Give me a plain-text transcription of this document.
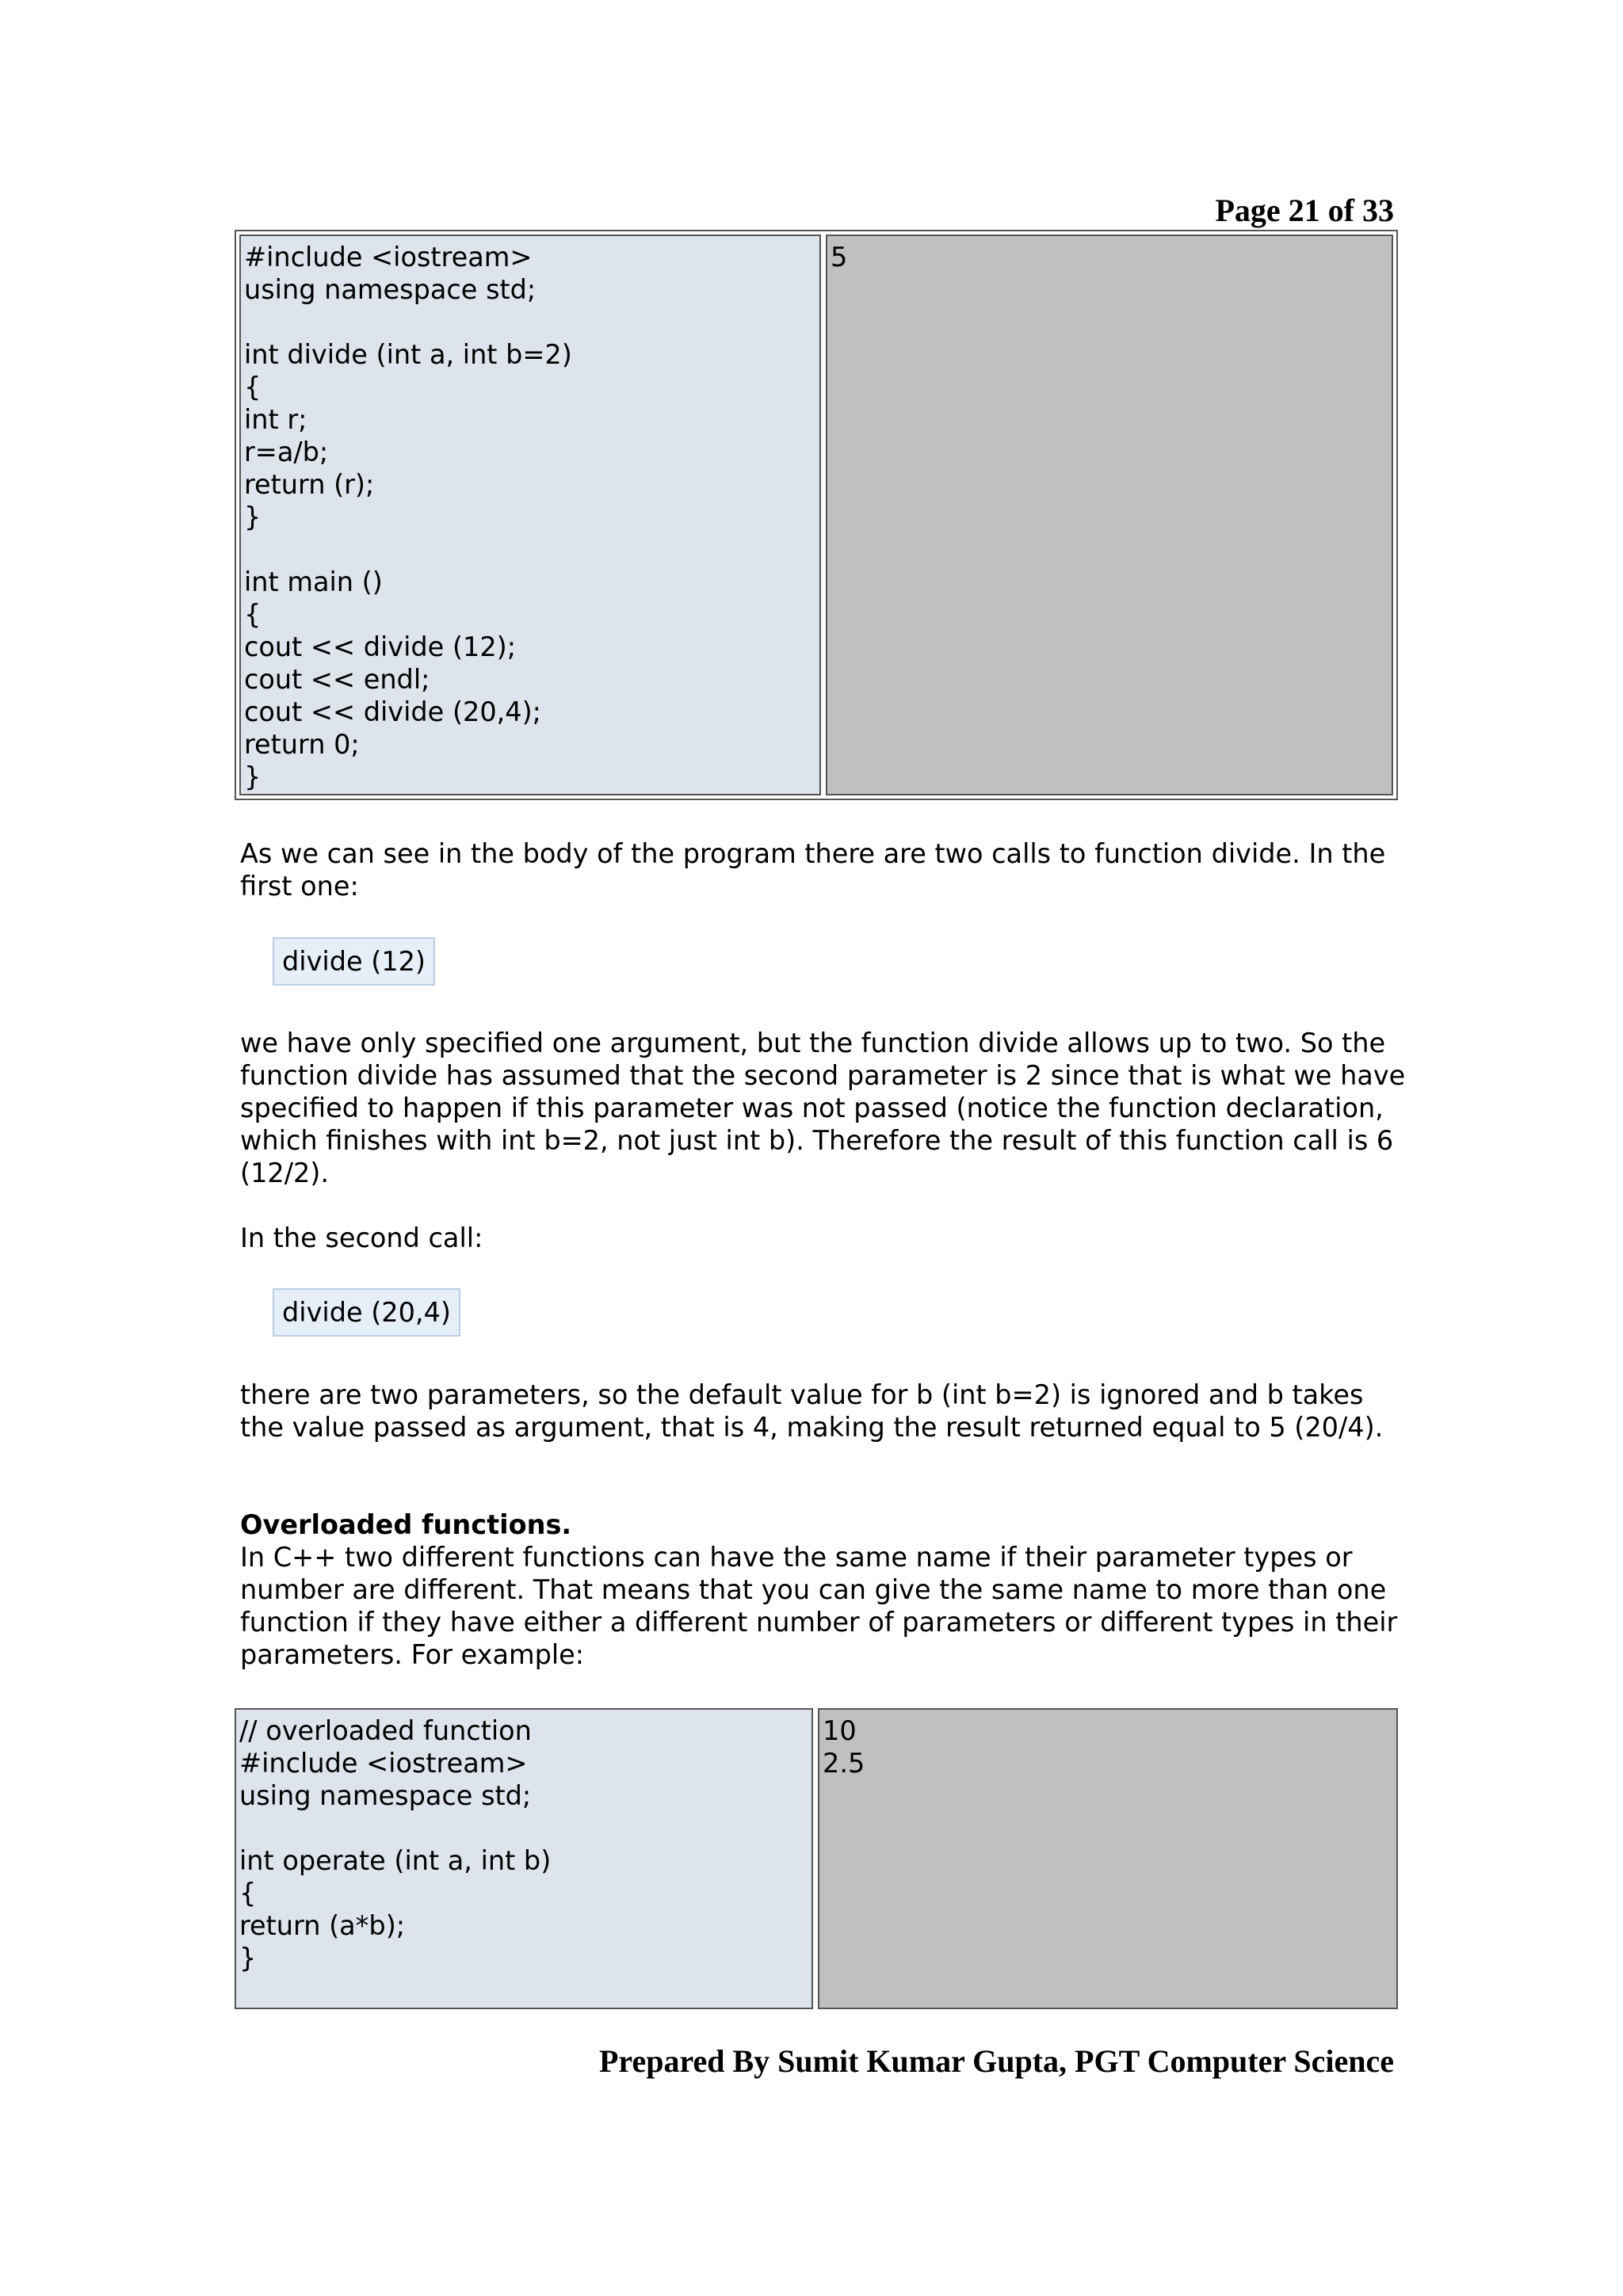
Page 21 of 33

#include <iostream>
using namespace std;

int divide (int a, int b=2)
{
int r;
r=a/b;
return (r);
}

int main ()
{
cout << divide (12);
cout << endl;
cout << divide (20,4);
return 0;
}
5

As we can see in the body of the program there are two calls to function divide. In the first one:

divide (12)

we have only specified one argument, but the function divide allows up to two. So the function divide has assumed that the second parameter is 2 since that is what we have specified to happen if this parameter was not passed (notice the function declaration, which finishes with int b=2, not just int b). Therefore the result of this function call is 6 (12/2).

In the second call:

divide (20,4)

there are two parameters, so the default value for b (int b=2) is ignored and b takes the value passed as argument, that is 4, making the result returned equal to 5 (20/4).

Overloaded functions.

In C++ two different functions can have the same name if their parameter types or number are different. That means that you can give the same name to more than one function if they have either a different number of parameters or different types in their parameters. For example:

// overloaded function
#include <iostream>
using namespace std;

int operate (int a, int b)
{
return (a*b);
}
10
2.5

Prepared By Sumit Kumar Gupta, PGT Computer Science
